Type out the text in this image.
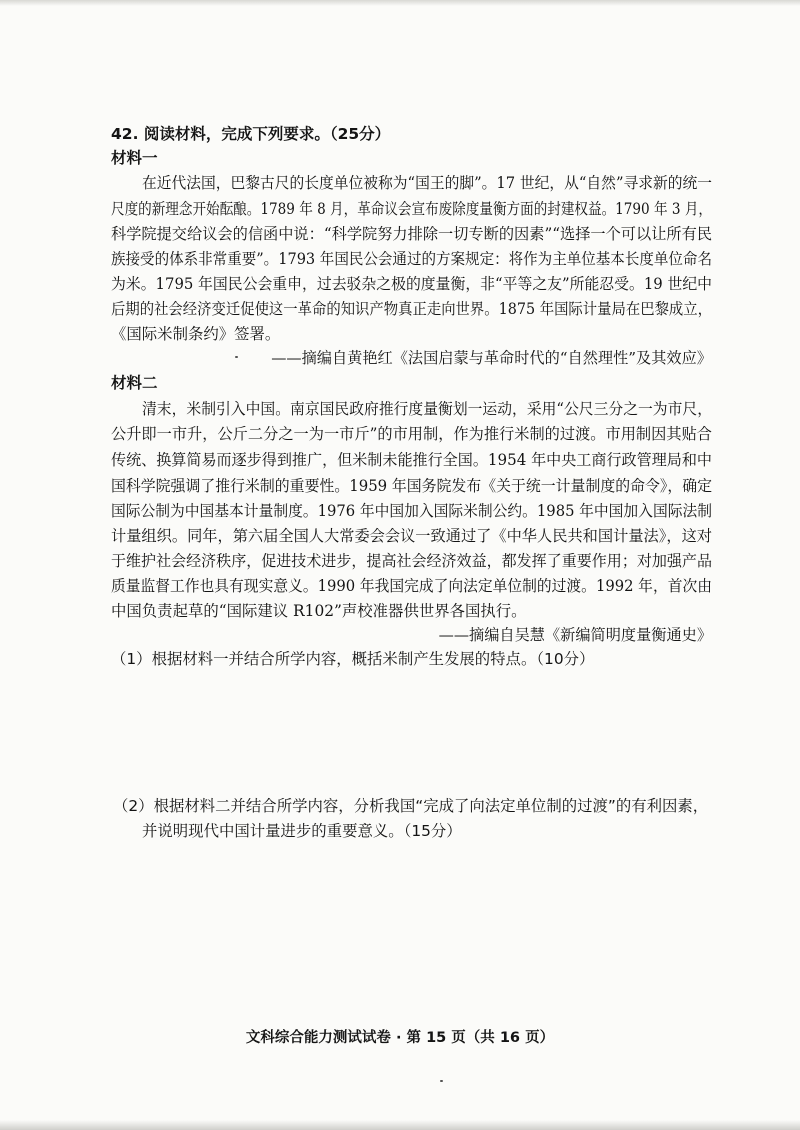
42. 阅读材料，完成下列要求。（25分）
材料一
在近代法国，巴黎古尺的长度单位被称为“国王的脚”。17 世纪，从“自然”寻求新的统一
尺度的新理念开始酝酿。1789 年 8 月，革命议会宣布废除度量衡方面的封建权益。1790 年 3 月，
科学院提交给议会的信函中说：“科学院努力排除一切专断的因素”“选择一个可以让所有民
族接受的体系非常重要”。1793 年国民公会通过的方案规定：将作为主单位基本长度单位命名
为米。1795 年国民公会重申，过去驳杂之极的度量衡，非“平等之友”所能忍受。19 世纪中
后期的社会经济变迁促使这一革命的知识产物真正走向世界。1875 年国际计量局在巴黎成立，
《国际米制条约》签署。
——摘编自黄艳红《法国启蒙与革命时代的“自然理性”及其效应》
材料二
清末，米制引入中国。南京国民政府推行度量衡划一运动，采用“公尺三分之一为市尺，
公升即一市升，公斤二分之一为一市斤”的市用制，作为推行米制的过渡。市用制因其贴合
传统、换算简易而逐步得到推广，但米制未能推行全国。1954 年中央工商行政管理局和中
国科学院强调了推行米制的重要性。1959 年国务院发布《关于统一计量制度的命令》，确定
国际公制为中国基本计量制度。1976 年中国加入国际米制公约。1985 年中国加入国际法制
计量组织。同年，第六届全国人大常委会会议一致通过了《中华人民共和国计量法》，这对
于维护社会经济秩序，促进技术进步，提高社会经济效益，都发挥了重要作用；对加强产品
质量监督工作也具有现实意义。1990 年我国完成了向法定单位制的过渡。1992 年，首次由
中国负责起草的“国际建议 R102”声校准器供世界各国执行。
——摘编自吴慧《新编简明度量衡通史》
（1）根据材料一并结合所学内容，概括米制产生发展的特点。（10分）
（2）根据材料二并结合所学内容，分析我国“完成了向法定单位制的过渡”的有利因素，
并说明现代中国计量进步的重要意义。（15分）
文科综合能力测试试卷 · 第 15 页（共 16 页）
